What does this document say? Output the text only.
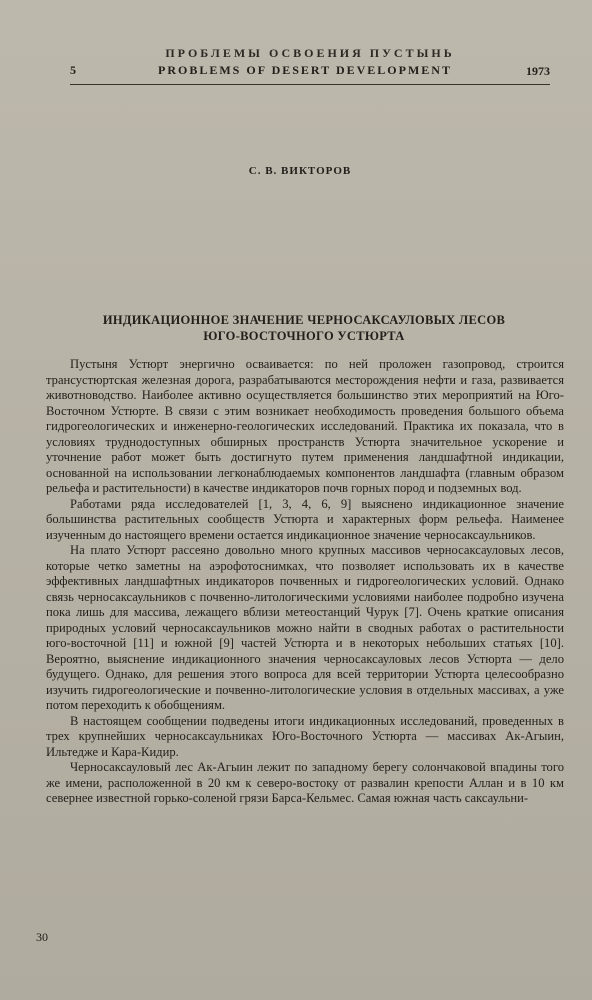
ПРОБЛЕМЫ ОСВОЕНИЯ ПУСТЫНЬ
5	PROBLEMS OF DESERT DEVELOPMENT	1973
С. В. ВИКТОРОВ
ИНДИКАЦИОННОЕ ЗНАЧЕНИЕ ЧЕРНОСАКСАУЛОВЫХ ЛЕСОВ
ЮГО-ВОСТОЧНОГО УСТЮРТА

Пустыня Устюрт энергично осваивается: по ней проложен газопровод, строится трансустюртская железная дорога, разрабатываются месторождения нефти и газа, развивается животноводство. Наиболее активно осуществляется большинство этих мероприятий на Юго-Восточном Устюрте. В связи с этим возникает необходимость проведения большого объема гидрогеологических и инженерно-геологических исследований. Практика их показала, что в условиях труднодоступных обширных пространств Устюрта значительное ускорение и уточнение работ может быть достигнуто путем применения ландшафтной индикации, основанной на использовании легконаблюдаемых компонентов ландшафта (главным образом рельефа и растительности) в качестве индикаторов почв горных пород и подземных вод.

Работами ряда исследователей [1, 3, 4, 6, 9] выяснено индикационное значение большинства растительных сообществ Устюрта и характерных форм рельефа. Наименее изученным до настоящего времени остается индикационное значение черносаксаульников.

На плато Устюрт рассеяно довольно много крупных массивов черносаксауловых лесов, которые четко заметны на аэрофотоснимках, что позволяет использовать их в качестве эффективных ландшафтных индикаторов почвенных и гидрогеологических условий. Однако связь черносаксаульников с почвенно-литологическими условиями наиболее подробно изучена пока лишь для массива, лежащего вблизи метеостанций Чурук [7]. Очень краткие описания природных условий черносаксаульников можно найти в сводных работах о растительности юго-восточной [11] и южной [9] частей Устюрта и в некоторых небольших статьях [10]. Вероятно, выяснение индикационного значения черносаксауловых лесов Устюрта — дело будущего. Однако, для решения этого вопроса для всей территории Устюрта целесообразно изучить гидрогеологические и почвенно-литологические условия в отдельных массивах, а уже потом переходить к обобщениям.

В настоящем сообщении подведены итоги индикационных исследований, проведенных в трех крупнейших черносаксаульниках Юго-Восточного Устюрта — массивах Ак-Агыин, Ильтедже и Кара-Кидир.

Черносаксауловый лес Ак-Агыин лежит по западному берегу солончаковой впадины того же имени, расположенной в 20 км к северо-востоку от развалин крепости Аллан и в 10 км севернее известной горько-соленой грязи Барса-Кельмес. Самая южная часть саксаульни-

30
